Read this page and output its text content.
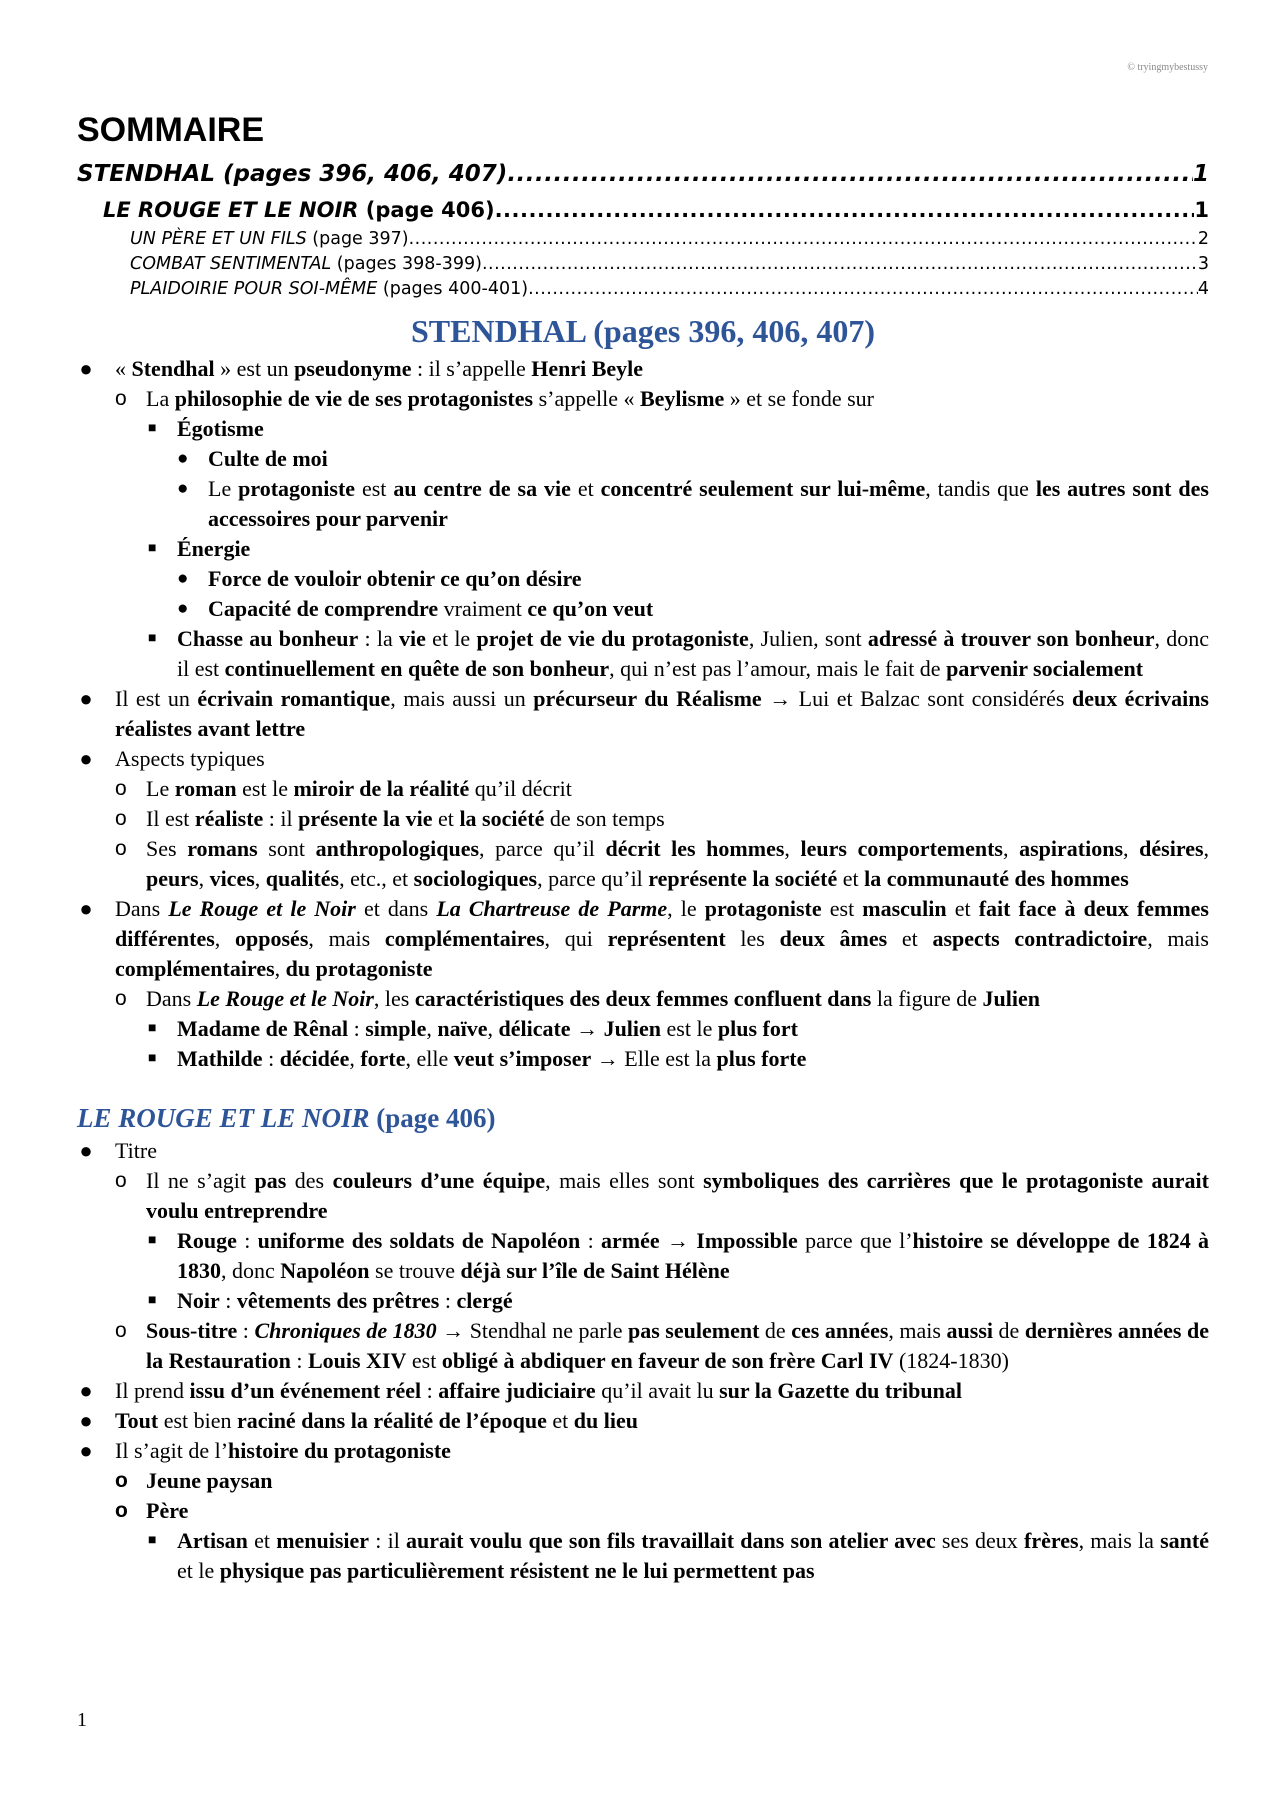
© tryingmybestussy
SOMMAIRE
STENDHAL (pages 396, 406, 407) .....	1
LE ROUGE ET LE NOIR (page 406) .....	1
UN PÈRE ET UN FILS (page 397) .....	2
COMBAT SENTIMENTAL (pages 398-399) .....	3
PLAIDOIRIE POUR SOI-MÊME (pages 400-401) .....	4
STENDHAL (pages 396, 406, 407)
● « Stendhal » est un pseudonyme : il s’appelle Henri Beyle
o La philosophie de vie de ses protagonistes s’appelle « Beylisme » et se fonde sur
■ Égotisme
● Culte de moi
● Le protagoniste est au centre de sa vie et concentré seulement sur lui-même, tandis que les autres sont des accessoires pour parvenir
■ Énergie
● Force de vouloir obtenir ce qu’on désire
● Capacité de comprendre vraiment ce qu’on veut
■ Chasse au bonheur : la vie et le projet de vie du protagoniste, Julien, sont adressé à trouver son bonheur, donc il est continuellement en quête de son bonheur, qui n’est pas l’amour, mais le fait de parvenir socialement
● Il est un écrivain romantique, mais aussi un précurseur du Réalisme → Lui et Balzac sont considérés deux écrivains réalistes avant lettre
● Aspects typiques
o Le roman est le miroir de la réalité qu’il décrit
o Il est réaliste : il présente la vie et la société de son temps
o Ses romans sont anthropologiques, parce qu’il décrit les hommes, leurs comportements, aspirations, désires, peurs, vices, qualités, etc., et sociologiques, parce qu’il représente la société et la communauté des hommes
● Dans Le Rouge et le Noir et dans La Chartreuse de Parme, le protagoniste est masculin et fait face à deux femmes différentes, opposés, mais complémentaires, qui représentent les deux âmes et aspects contradictoire, mais complémentaires, du protagoniste
o Dans Le Rouge et le Noir, les caractéristiques des deux femmes confluent dans la figure de Julien
■ Madame de Rênal : simple, naïve, délicate → Julien est le plus fort
■ Mathilde : décidée, forte, elle veut s’imposer → Elle est la plus forte
LE ROUGE ET LE NOIR (page 406)
● Titre
o Il ne s’agit pas des couleurs d’une équipe, mais elles sont symboliques des carrières que le protagoniste aurait voulu entreprendre
■ Rouge : uniforme des soldats de Napoléon : armée → Impossible parce que l’histoire se développe de 1824 à 1830, donc Napoléon se trouve déjà sur l’île de Saint Hélène
■ Noir : vêtements des prêtres : clergé
o Sous-titre : Chroniques de 1830 → Stendhal ne parle pas seulement de ces années, mais aussi de dernières années de la Restauration : Louis XIV est obligé à abdiquer en faveur de son frère Carl IV (1824-1830)
● Il prend issu d’un événement réel : affaire judiciaire qu’il avait lu sur la Gazette du tribunal
● Tout est bien raciné dans la réalité de l’époque et du lieu
● Il s’agit de l’histoire du protagoniste
o Jeune paysan
o Père
■ Artisan et menuisier : il aurait voulu que son fils travaillait dans son atelier avec ses deux frères, mais la santé et le physique pas particulièrement résistent ne le lui permettent pas
1
